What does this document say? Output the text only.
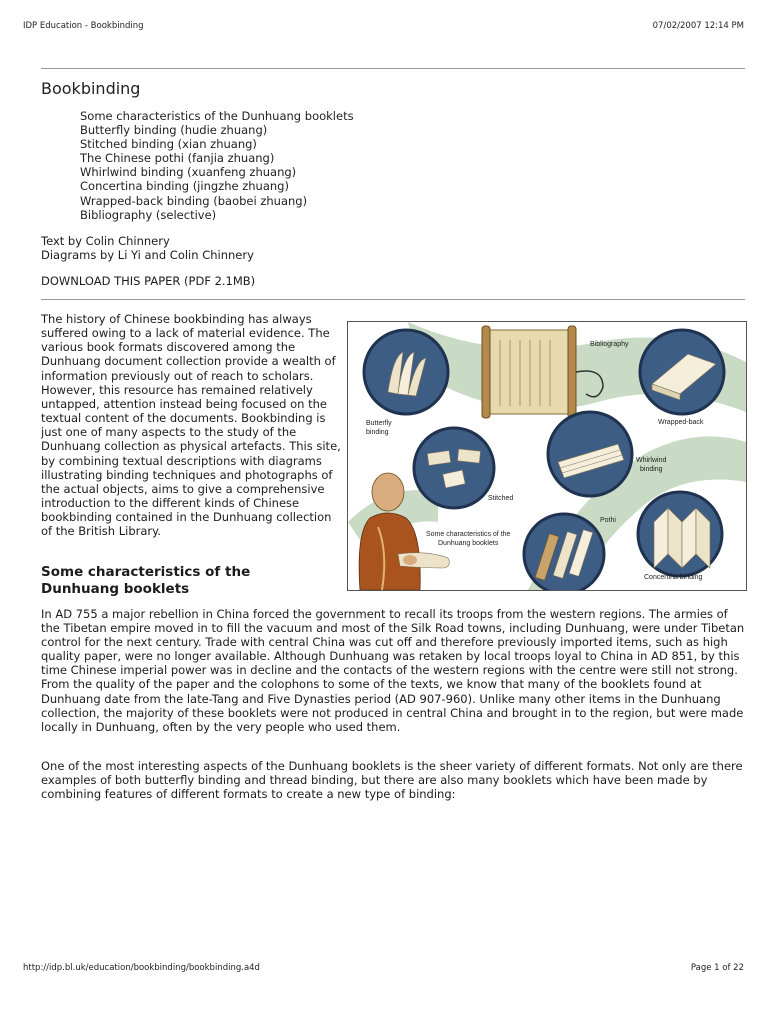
IDP Education - Bookbinding	07/02/2007 12:14 PM
Bookbinding
Some characteristics of the Dunhuang booklets
Butterfly binding (hudie zhuang)
Stitched binding (xian zhuang)
The Chinese pothi (fanjia zhuang)
Whirlwind binding (xuanfeng zhuang)
Concertina binding (jingzhe zhuang)
Wrapped-back binding (baobei zhuang)
Bibliography (selective)
Text by Colin Chinnery
Diagrams by Li Yi and Colin Chinnery
DOWNLOAD THIS PAPER (PDF 2.1MB)

The history of Chinese bookbinding has always suffered owing to a lack of material evidence. The various book formats discovered among the Dunhuang document collection provide a wealth of information previously out of reach to scholars. However, this resource has remained relatively untapped, attention instead being focused on the textual content of the documents. Bookbinding is just one of many aspects to the study of the Dunhuang collection as physical artefacts. This site, by combining textual descriptions with diagrams illustrating binding techniques and photographs of the actual objects, aims to give a comprehensive introduction to the different kinds of Chinese bookbinding contained in the Dunhuang collection of the British Library.

Bibliography
Butterfly
binding
Wrapped-back
Stitched
Whirlwind
binding
Pothi
Concertina binding
Some characteristics of the
Dunhuang booklets
Some characteristics of the Dunhuang booklets

In AD 755 a major rebellion in China forced the government to recall its troops from the western regions. The armies of the Tibetan empire moved in to fill the vacuum and most of the Silk Road towns, including Dunhuang, were under Tibetan control for the next century. Trade with central China was cut off and therefore previously imported items, such as high quality paper, were no longer available. Although Dunhuang was retaken by local troops loyal to China in AD 851, by this time Chinese imperial power was in decline and the contacts of the western regions with the centre were still not strong. From the quality of the paper and the colophons to some of the texts, we know that many of the booklets found at Dunhuang date from the late-Tang and Five Dynasties period (AD 907-960). Unlike many other items in the Dunhuang collection, the majority of these booklets were not produced in central China and brought in to the region, but were made locally in Dunhuang, often by the very people who used them.

One of the most interesting aspects of the Dunhuang booklets is the sheer variety of different formats. Not only are there examples of both butterfly binding and thread binding, but there are also many booklets which have been made by combining features of different formats to create a new type of binding:

http://idp.bl.uk/education/bookbinding/bookbinding.a4d	Page 1 of 22
